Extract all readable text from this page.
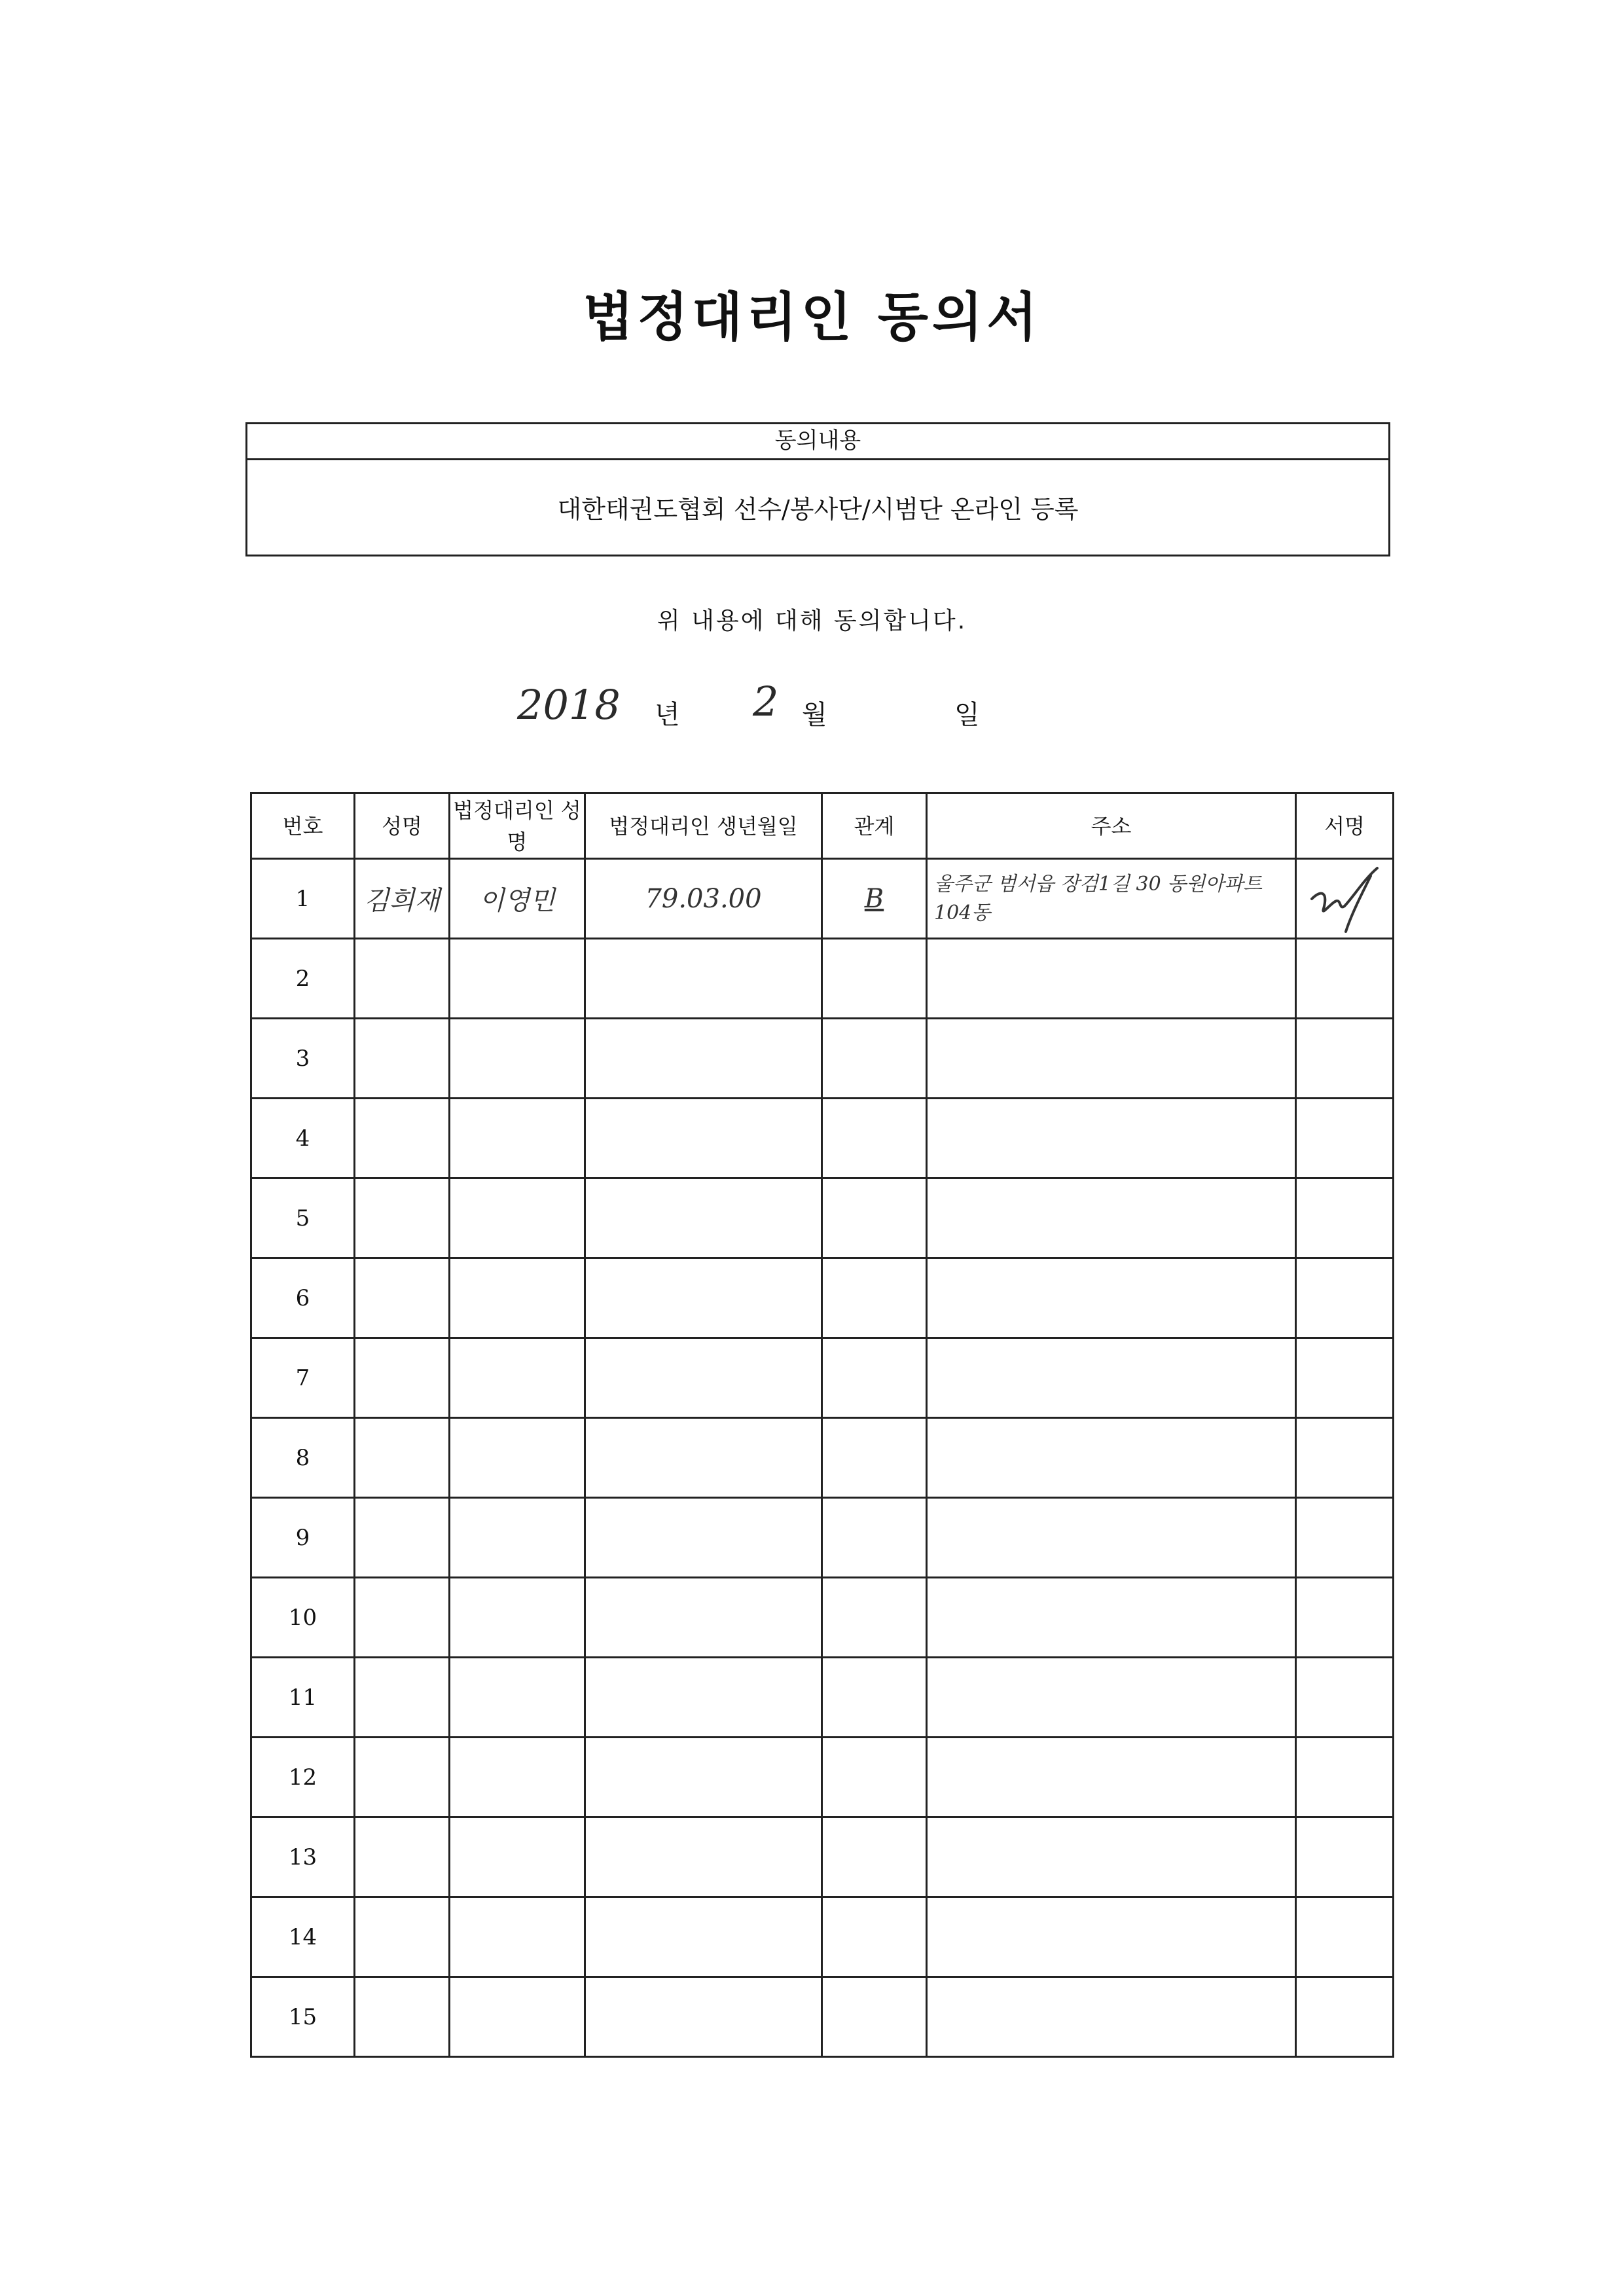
법정대리인 동의서
동의내용
대한태권도협회 선수/봉사단/시범단 온라인 등록
위 내용에 대해 동의합니다.
2018 년 2 월	일
번호	성명	법정대리인 성명	법정대리인 생년월일	관계	주소	서명
1	김희재	이영민	79.03.00	B	울주군 범서읍 장검1길 30 동원아파트 104동

2						
3						
4						
5						
6						
7						
8						
9						
10						
11						
12						
13						
14						
15						
